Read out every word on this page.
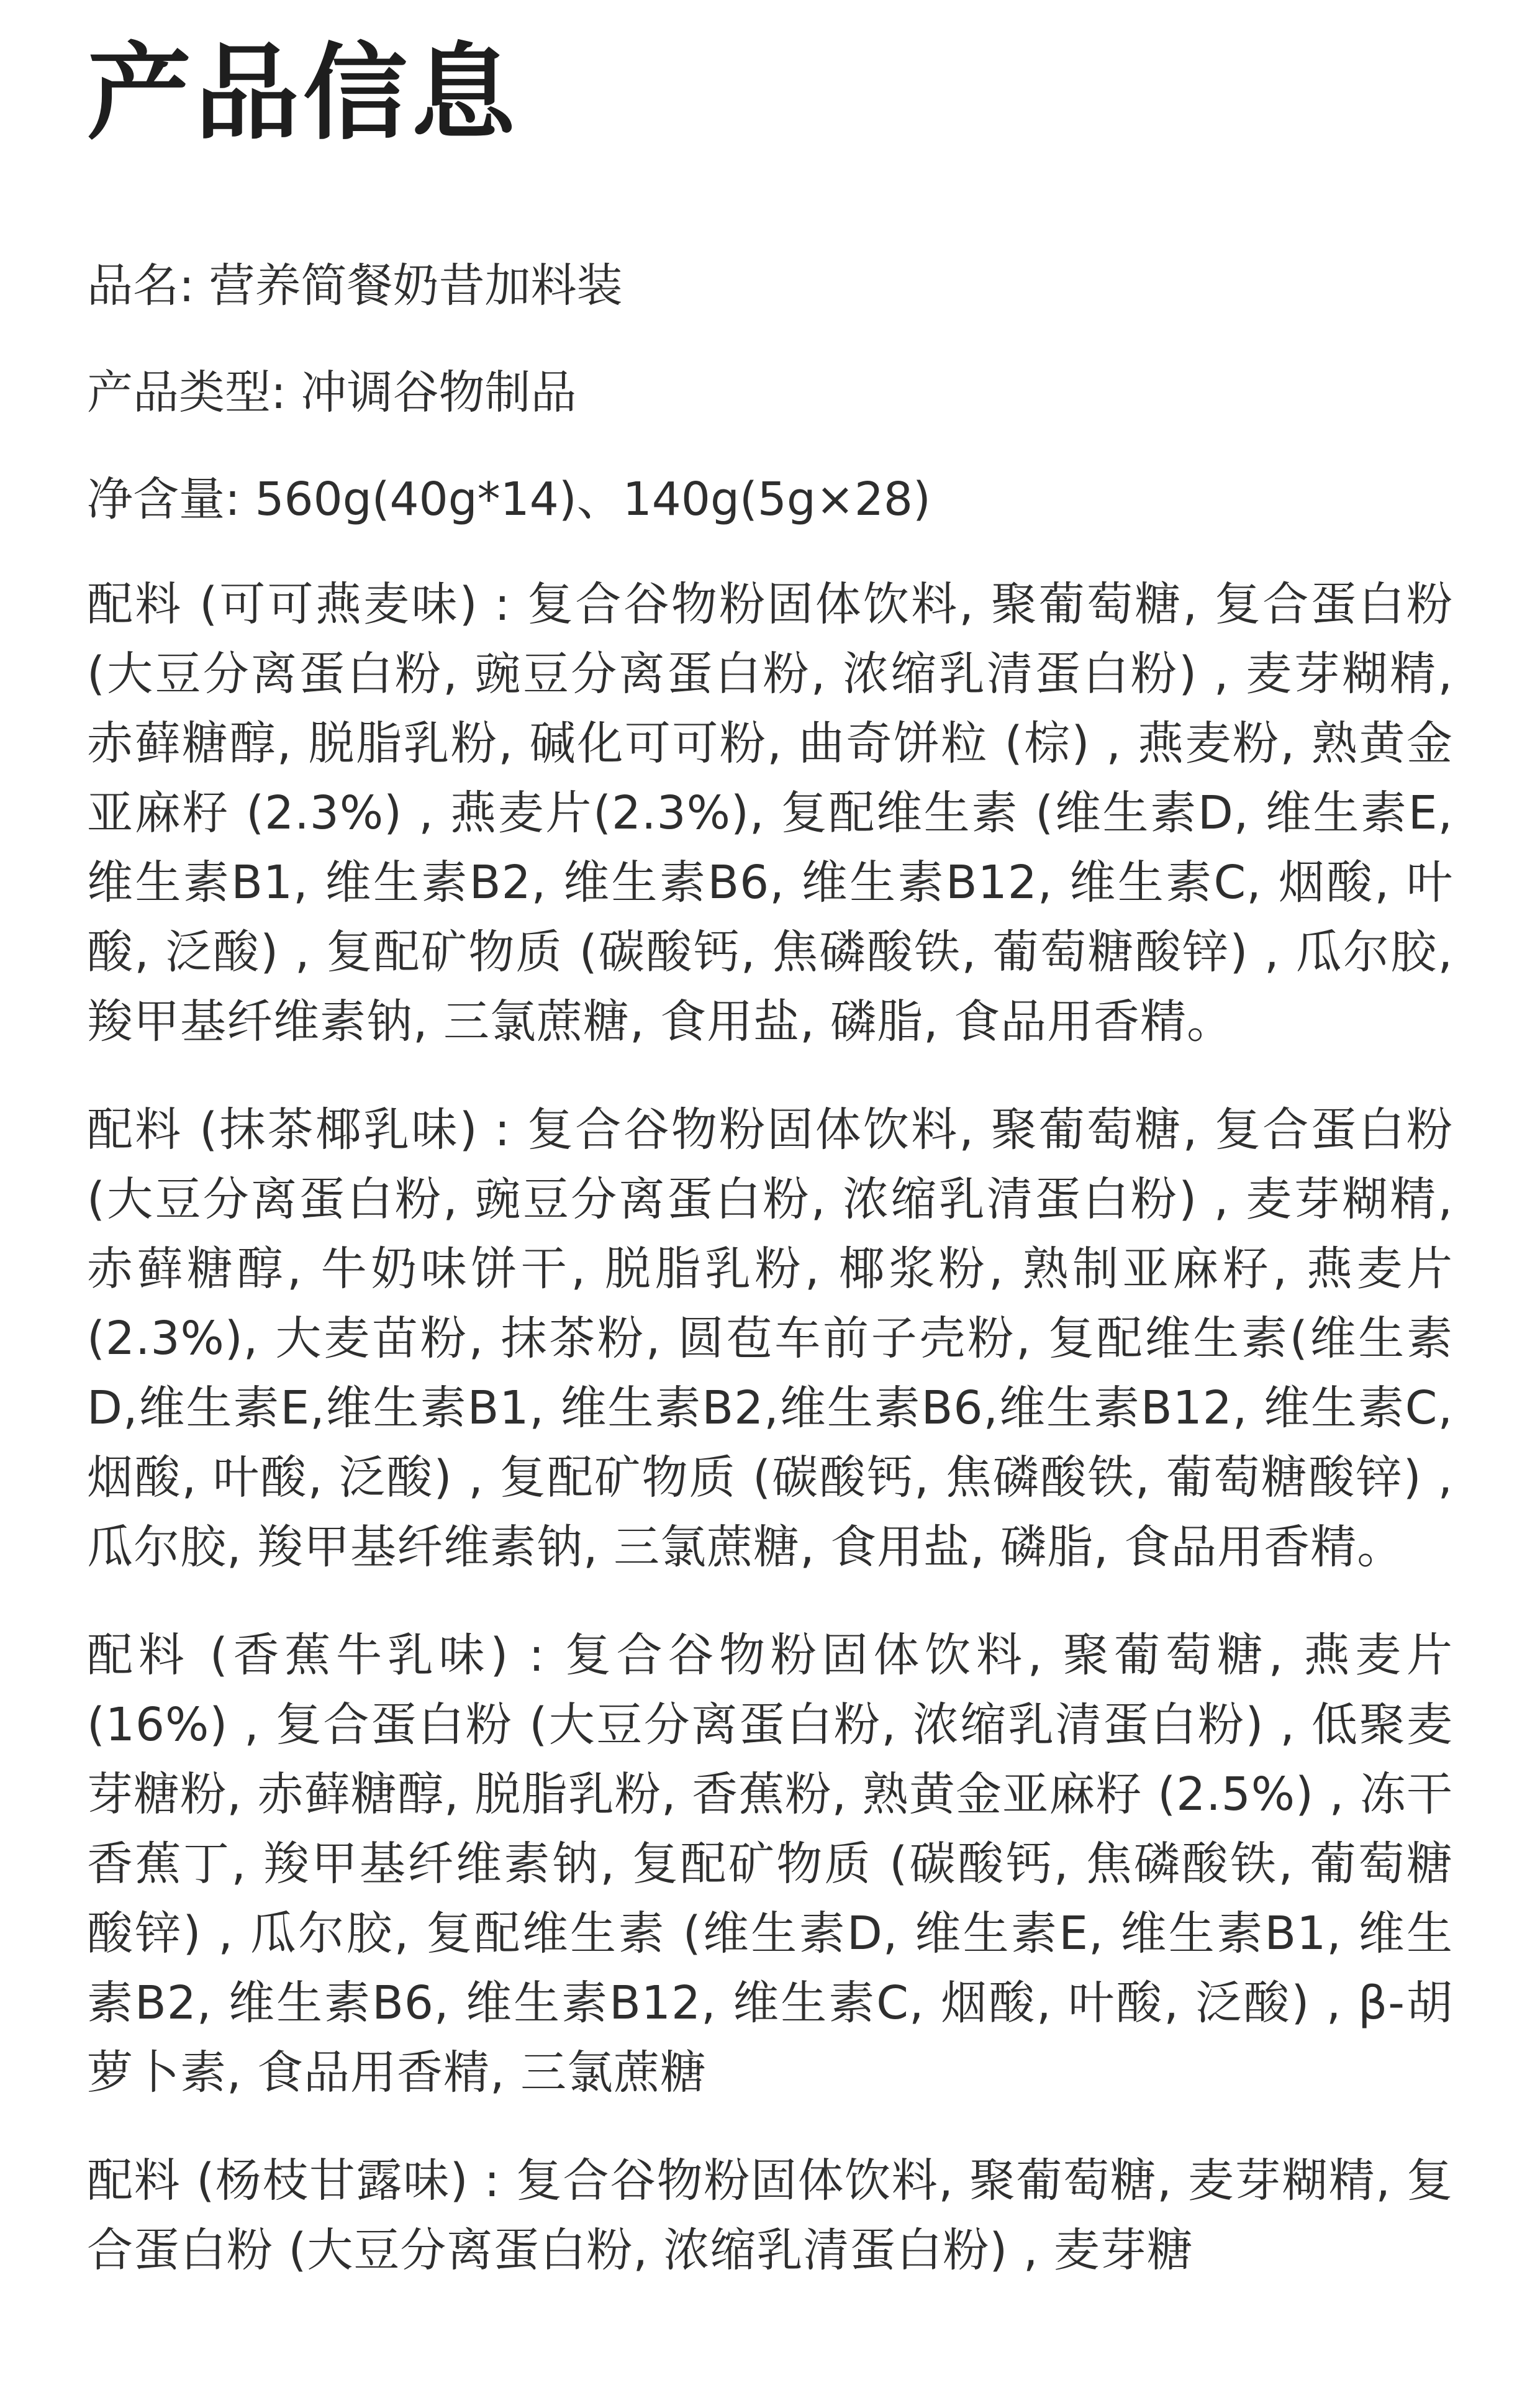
产品信息

品名: 营养简餐奶昔加料装

产品类型: 冲调谷物制品

净含量: 560g(40g*14)、140g(5g×28)

配料 (可可燕麦味) : 复合谷物粉固体饮料, 聚葡萄糖, 复合蛋白粉 (大豆分离蛋白粉, 豌豆分离蛋白粉, 浓缩乳清蛋白粉) , 麦芽糊精, 赤藓糖醇, 脱脂乳粉, 碱化可可粉, 曲奇饼粒 (棕) , 燕麦粉, 熟黄金亚麻籽 (2.3%) , 燕麦片(2.3%), 复配维生素 (维生素D, 维生素E, 维生素B1, 维生素B2, 维生素B6, 维生素B12, 维生素C, 烟酸, 叶酸, 泛酸) , 复配矿物质 (碳酸钙, 焦磷酸铁, 葡萄糖酸锌) , 瓜尔胶, 羧甲基纤维素钠, 三氯蔗糖, 食用盐, 磷脂, 食品用香精。

配料 (抹茶椰乳味) : 复合谷物粉固体饮料, 聚葡萄糖, 复合蛋白粉(大豆分离蛋白粉, 豌豆分离蛋白粉, 浓缩乳清蛋白粉) , 麦芽糊精, 赤藓糖醇, 牛奶味饼干, 脱脂乳粉, 椰浆粉, 熟制亚麻籽, 燕麦片(2.3%), 大麦苗粉, 抹茶粉, 圆苞车前子壳粉, 复配维生素(维生素D,维生素E,维生素B1, 维生素B2,维生素B6,维生素B12, 维生素C, 烟酸, 叶酸, 泛酸) , 复配矿物质 (碳酸钙, 焦磷酸铁, 葡萄糖酸锌) , 瓜尔胶, 羧甲基纤维素钠, 三氯蔗糖, 食用盐, 磷脂, 食品用香精。

配料 (香蕉牛乳味) : 复合谷物粉固体饮料, 聚葡萄糖, 燕麦片 (16%) , 复合蛋白粉 (大豆分离蛋白粉, 浓缩乳清蛋白粉) , 低聚麦芽糖粉, 赤藓糖醇, 脱脂乳粉, 香蕉粉, 熟黄金亚麻籽 (2.5%) , 冻干香蕉丁, 羧甲基纤维素钠, 复配矿物质 (碳酸钙, 焦磷酸铁, 葡萄糖酸锌) , 瓜尔胶, 复配维生素 (维生素D, 维生素E, 维生素B1, 维生素B2, 维生素B6, 维生素B12, 维生素C, 烟酸, 叶酸, 泛酸) , β-胡萝卜素, 食品用香精, 三氯蔗糖

配料 (杨枝甘露味) : 复合谷物粉固体饮料, 聚葡萄糖, 麦芽糊精, 复合蛋白粉 (大豆分离蛋白粉, 浓缩乳清蛋白粉) , 麦芽糖
